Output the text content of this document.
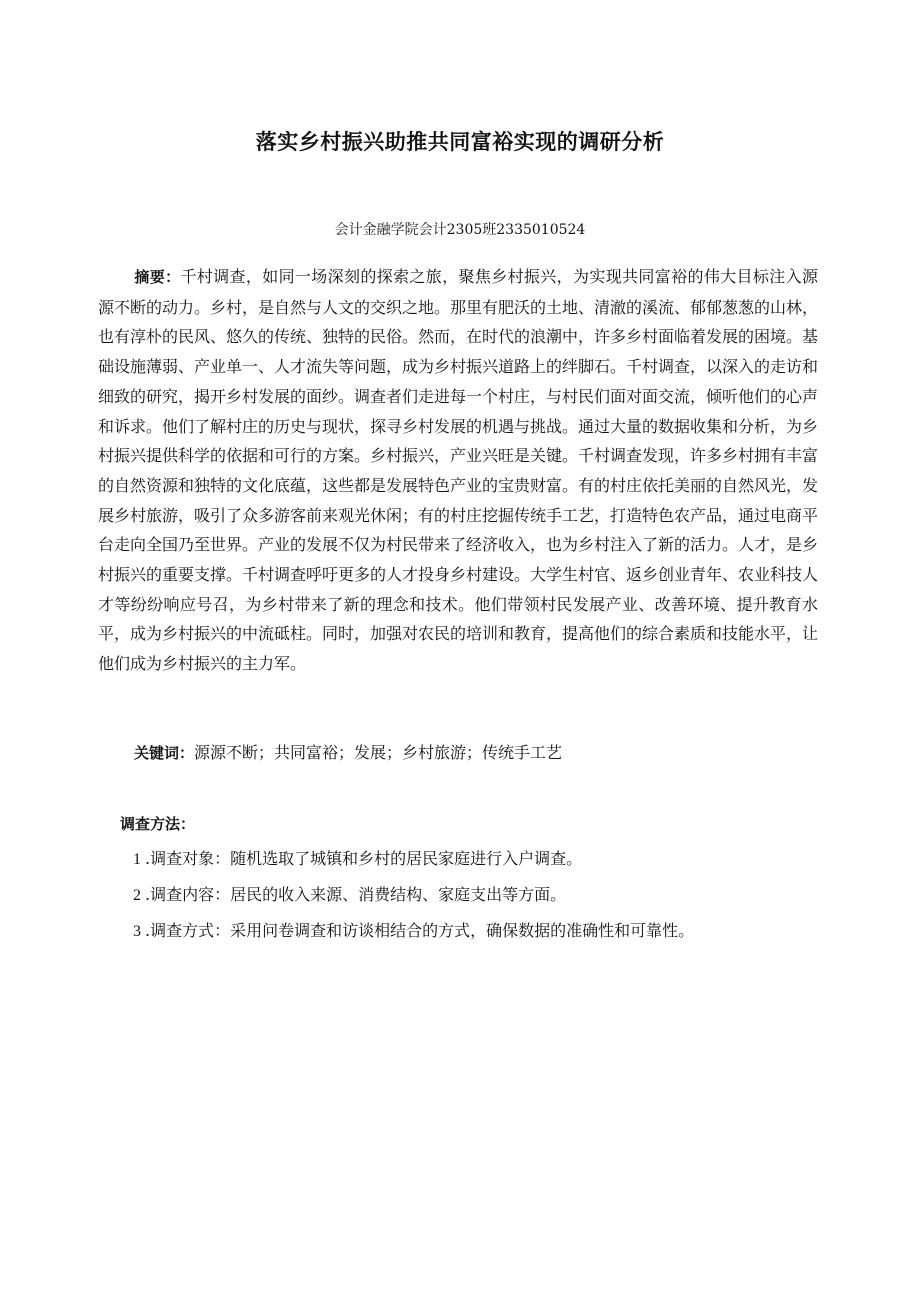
落实乡村振兴助推共同富裕实现的调研分析

会计金融学院会计2305班2335010524

摘要：千村调查，如同一场深刻的探索之旅，聚焦乡村振兴，为实现共同富裕的伟大目标注入源源不断的动力。乡村，是自然与人文的交织之地。那里有肥沃的土地、清澈的溪流、郁郁葱葱的山林，也有淳朴的民风、悠久的传统、独特的民俗。然而，在时代的浪潮中，许多乡村面临着发展的困境。基础设施薄弱、产业单一、人才流失等问题，成为乡村振兴道路上的绊脚石。千村调查，以深入的走访和细致的研究，揭开乡村发展的面纱。调查者们走进每一个村庄，与村民们面对面交流，倾听他们的心声和诉求。他们了解村庄的历史与现状，探寻乡村发展的机遇与挑战。通过大量的数据收集和分析，为乡村振兴提供科学的依据和可行的方案。乡村振兴，产业兴旺是关键。千村调查发现，许多乡村拥有丰富的自然资源和独特的文化底蕴，这些都是发展特色产业的宝贵财富。有的村庄依托美丽的自然风光，发展乡村旅游，吸引了众多游客前来观光休闲；有的村庄挖掘传统手工艺，打造特色农产品，通过电商平台走向全国乃至世界。产业的发展不仅为村民带来了经济收入，也为乡村注入了新的活力。人才，是乡村振兴的重要支撑。千村调查呼吁更多的人才投身乡村建设。大学生村官、返乡创业青年、农业科技人才等纷纷响应号召，为乡村带来了新的理念和技术。他们带领村民发展产业、改善环境、提升教育水平，成为乡村振兴的中流砥柱。同时，加强对农民的培训和教育，提高他们的综合素质和技能水平，让他们成为乡村振兴的主力军。

关键词：源源不断；共同富裕；发展；乡村旅游；传统手工艺

调查方法：

1 .调查对象：随机选取了城镇和乡村的居民家庭进行入户调查。
2 .调查内容：居民的收入来源、消费结构、家庭支出等方面。
3 .调查方式：采用问卷调查和访谈相结合的方式，确保数据的准确性和可靠性。
